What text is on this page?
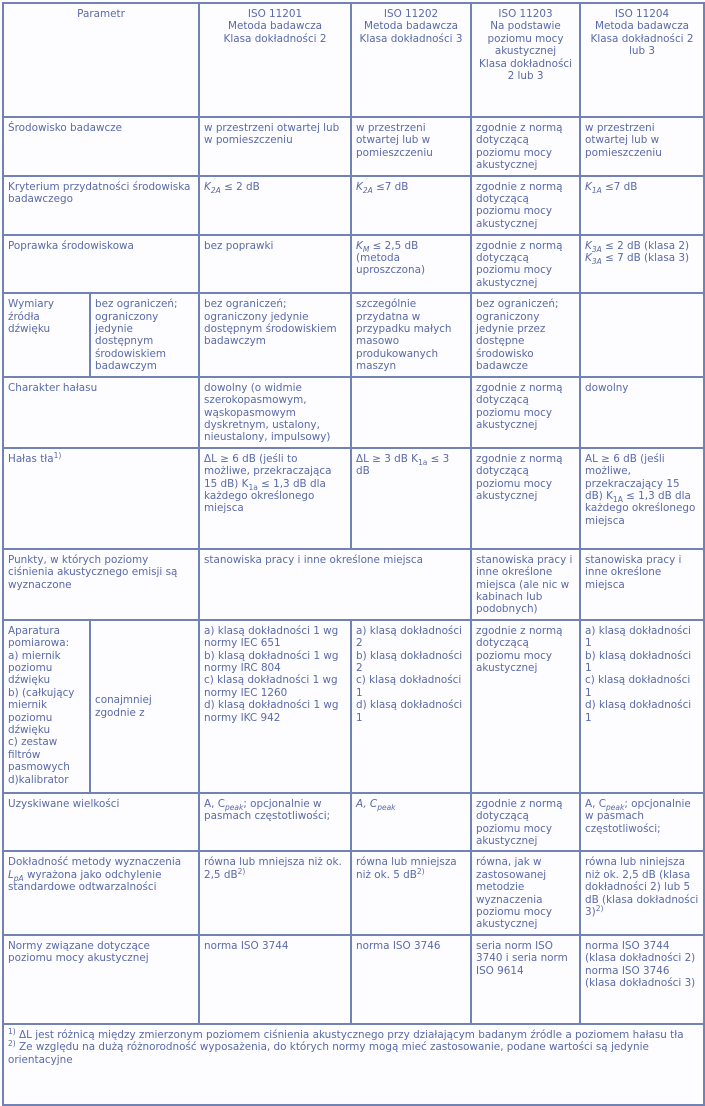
Parametr		ISO 11201
Metoda badawcza
Klasa dokładności 2	ISO 11202
Metoda badawcza
Klasa dokładności 3	ISO 11203
Na podstawie poziomu mocy akustycznej
Klasa dokładności 2 lub 3	ISO 11204
Metoda badawcza
Klasa dokładności 2 lub 3

Środowisko badawcze		w przestrzeni otwartej lub w pomieszczeniu	w przestrzeni otwartej lub w pomieszczeniu	zgodnie z normą dotyczącą poziomu mocy akustycznej	w przestrzeni otwartej lub w pomieszczeniu
Kryterium przydatności środowiska badawczego		$K_{2A} \le 2$ dB	$K_{2A} \le 7$ dB	zgodnie z normą dotyczącą poziomu mocy akustycznej	$K_{1A} \le 7$ dB
Poprawka środowiskowa		bez poprawki	$K_M \le 2,5$ dB
(metoda uproszczona)	zgodnie z normą dotyczącą poziomu mocy akustycznej	$K_{3A} \le 2$ dB (klasa 2)
$K_{3A} \le 7$ dB (klasa 3)

Wymiary źródła dźwięku	bez ograniczeń; ograniczony jedynie dostępnym środowiskiem badawczym	bez ograniczeń; ograniczony jedynie dostępnym środowiskiem badawczym	szczególnie przydatna w przypadku małych masowo produkowanych maszyn	bez ograniczeń; ograniczony jedynie przez dostępne środowisko badawcze	
Charakter hałasu		dowolny (o widmie szerokopasmowym, wąskopasmowym dyskretnym, ustalony, nieustalony, impulsowy)		zgodnie z normą dotyczącą poziomu mocy akustycznej	dowolny
Hałas tła$^{1)}$		ΔL ≥ 6 dB (jeśli to możliwe, przekraczająca 15 dB) $K_{1a} \le 1,3$ dB dla każdego określonego miejsca	ΔL ≥ 3 dB $K_{1a} \le 3$ dB	zgodnie z normą dotyczącą poziomu mocy akustycznej	AL ≥ 6 dB (jeśli możliwe, przekraczający 15 dB) $K_{1A} \le 1,3$ dB dla każdego określonego miejsca
Punkty, w których poziomy ciśnienia akustycznego emisji są wyznaczone		stanowiska pracy i inne określone miejsca		stanowiska pracy i inne określone miejsca (ale nic w kabinach lub podobnych)	stanowiska pracy i inne określone miejsca

Aparatura pomiarowa:
a) miernik poziomu dźwięku
b) (całkujący miernik poziomu dźwięku
c) zestaw filtrów pasmowych
d)kalibrator	conajmniej zgodnie z	a) klasą dokładności 1 wg normy IEC 651
b) klasą dokładności 1 wg normy IRC 804
c) klasą dokładności 1 wg normy IEC 1260
d) klasą dokładności 1 wg normy IKC 942	a) klasą dokładności 2
b) klasą dokładności 2
c) klasą dokładności 1
d) klasą dokładności 1	zgodnie z normą dotyczącą poziomu mocy akustycznej	a) klasą dokładności 1
b) klasą dokładności 1
c) klasą dokładności 1
d) klasą dokładności 1

Uzyskiwane wielkości		A, $C_{peak}$; opcjonalnie w pasmach częstotliwości;	A, $C_{peak}$	zgodnie z normą dotyczącą poziomu mocy akustycznej	A, $C_{peak}$; opcjonalnie w pasmach częstotliwości;
Dokładność metody wyznaczenia $L_{pA}$ wyrażona jako odchylenie standardowe odtwarzalności		równa lub mniejsza niż ok. 2,5 $dB^{2)}$	równa lub mniejsza niż ok. 5 $dB^{2)}$	równa, jak w zastosowanej metodzie wyznaczenia poziomu mocy akustycznej	równa lub niniejsza niż ok. 2,5 dB (klasa dokładności 2) lub 5 dB (klasa dokładności 3)$^{2)}$
Normy związane dotyczące poziomu mocy akustycznej		norma ISO 3744	norma ISO 3746	seria norm ISO 3740 i seria norm ISO 9614	norma ISO 3744 (klasa dokładności 2)
norma ISO 3746 (klasa dokładności 3)

$^{1)}$ ΔL jest różnicą między zmierzonym poziomem ciśnienia akustycznego przy działającym badanym źródle a poziomem hałasu tła
$^{2)}$ Ze względu na dużą różnorodność wyposażenia, do których normy mogą mieć zastosowanie, podane wartości są jedynie orientacyjne					
